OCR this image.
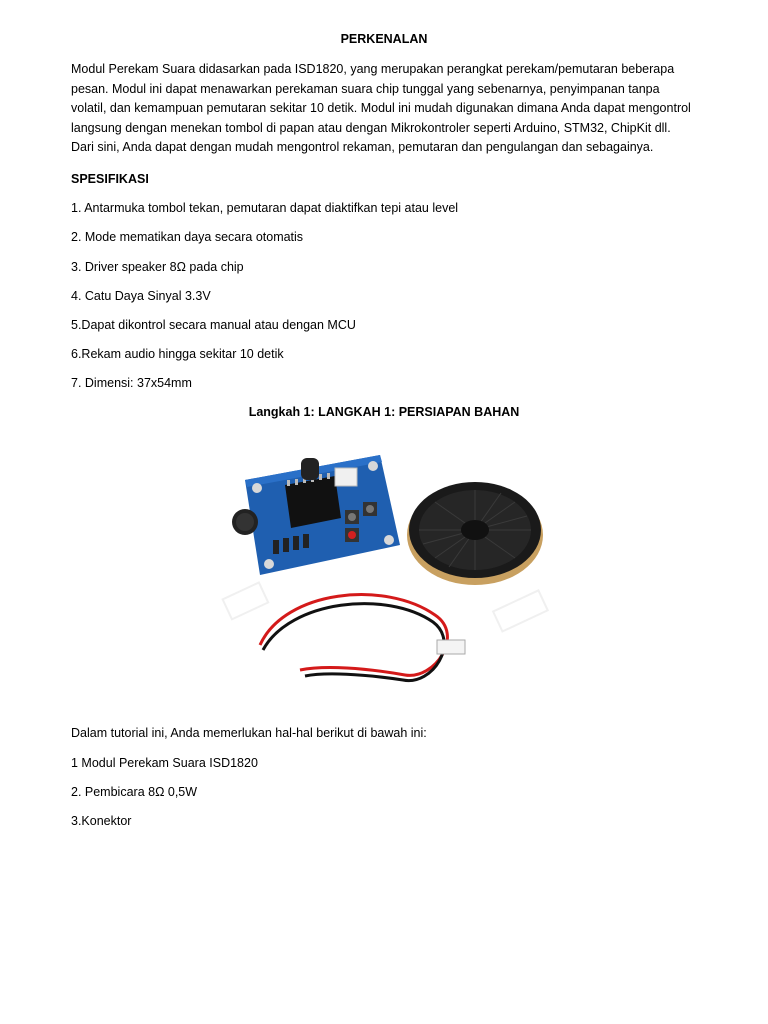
PERKENALAN
Modul Perekam Suara didasarkan pada ISD1820, yang merupakan perangkat perekam/pemutaran beberapa
pesan. Modul ini dapat menawarkan perekaman suara chip tunggal yang sebenarnya, penyimpanan tanpa
volatil, dan kemampuan pemutaran sekitar 10 detik. Modul ini mudah digunakan dimana Anda dapat mengontrol
langsung dengan menekan tombol di papan atau dengan Mikrokontroler seperti Arduino, STM32, ChipKit dll.
Dari sini, Anda dapat dengan mudah mengontrol rekaman, pemutaran dan pengulangan dan sebagainya.
SPESIFIKASI
1. Antarmuka tombol tekan, pemutaran dapat diaktifkan tepi atau level
2. Mode mematikan daya secara otomatis
3. Driver speaker 8Ω pada chip
4. Catu Daya Sinyal 3.3V
5.Dapat dikontrol secara manual atau dengan MCU
6.Rekam audio hingga sekitar 10 detik
7. Dimensi: 37x54mm
Langkah 1: LANGKAH 1: PERSIAPAN BAHAN
Dalam tutorial ini, Anda memerlukan hal-hal berikut di bawah ini:
1 Modul Perekam Suara ISD1820
2. Pembicara 8Ω 0,5W
3.Konektor
